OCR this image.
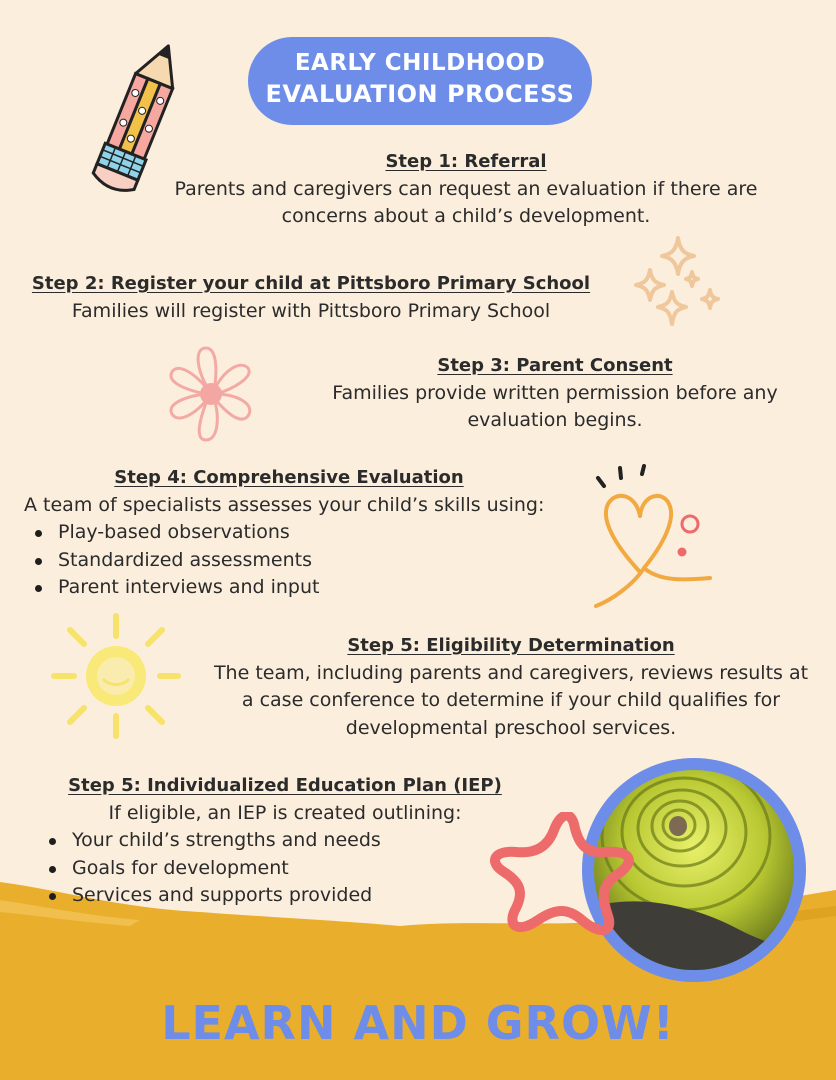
EARLY CHILDHOOD
EVALUATION PROCESS
Step 1: Referral
Parents and caregivers can request an evaluation if there are
concerns about a child’s development.
Step 2: Register your child at Pittsboro Primary School
Families will register with Pittsboro Primary School
Step 3: Parent Consent
Families provide written permission before any
evaluation begins.
Step 4: Comprehensive Evaluation
A team of specialists assesses your child’s skills using:
Play-based observations
Standardized assessments
Parent interviews and input
Step 5: Eligibility Determination
The team, including parents and caregivers, reviews results at
a case conference to determine if your child qualifies for
developmental preschool services.
Step 5: Individualized Education Plan (IEP)
If eligible, an IEP is created outlining:
Your child’s strengths and needs
Goals for development
Services and supports provided
LEARN AND GROW!
